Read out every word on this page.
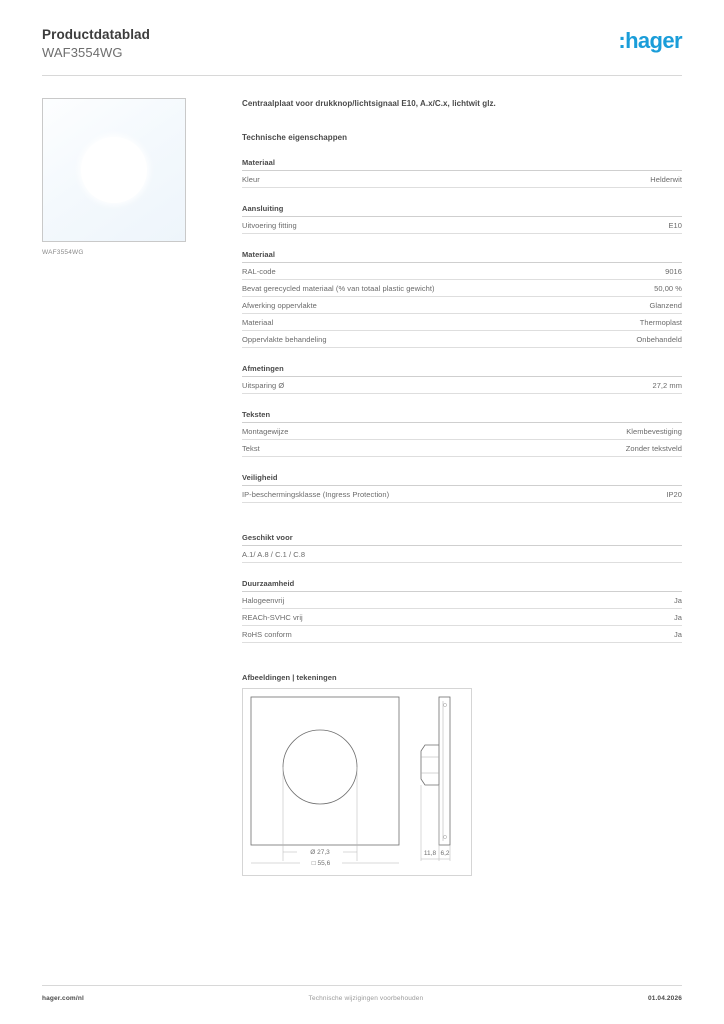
Productdatablad
WAF3554WG	:hager
WAF3554WG
Centraalplaat voor drukknop/lichtsignaal E10, A.x/C.x, lichtwit glz.
Technische eigenschappen
Materiaal
Kleur	Helderwit
Aansluiting
Uitvoering fitting	E10
Materiaal
RAL-code	9016
Bevat gerecycled materiaal (% van totaal plastic gewicht)	50,00 %
Afwerking oppervlakte	Glanzend
Materiaal	Thermoplast
Oppervlakte behandeling	Onbehandeld
Afmetingen
Uitsparing Ø	27,2 mm
Teksten
Montagewijze	Klembevestiging
Tekst	Zonder tekstveld
Veiligheid
IP-beschermingsklasse (Ingress Protection)	IP20
Geschikt voor
A.1/ A.8 / C.1 / C.8
Duurzaamheid
Halogeenvrij	Ja
REACh-SVHC vrij	Ja
RoHS conform	Ja
Afbeeldingen | tekeningen
Ø 27,3
□ 55,6
11,8 6,2
hager.com/nl	Technische wijzigingen voorbehouden	01.04.2026
